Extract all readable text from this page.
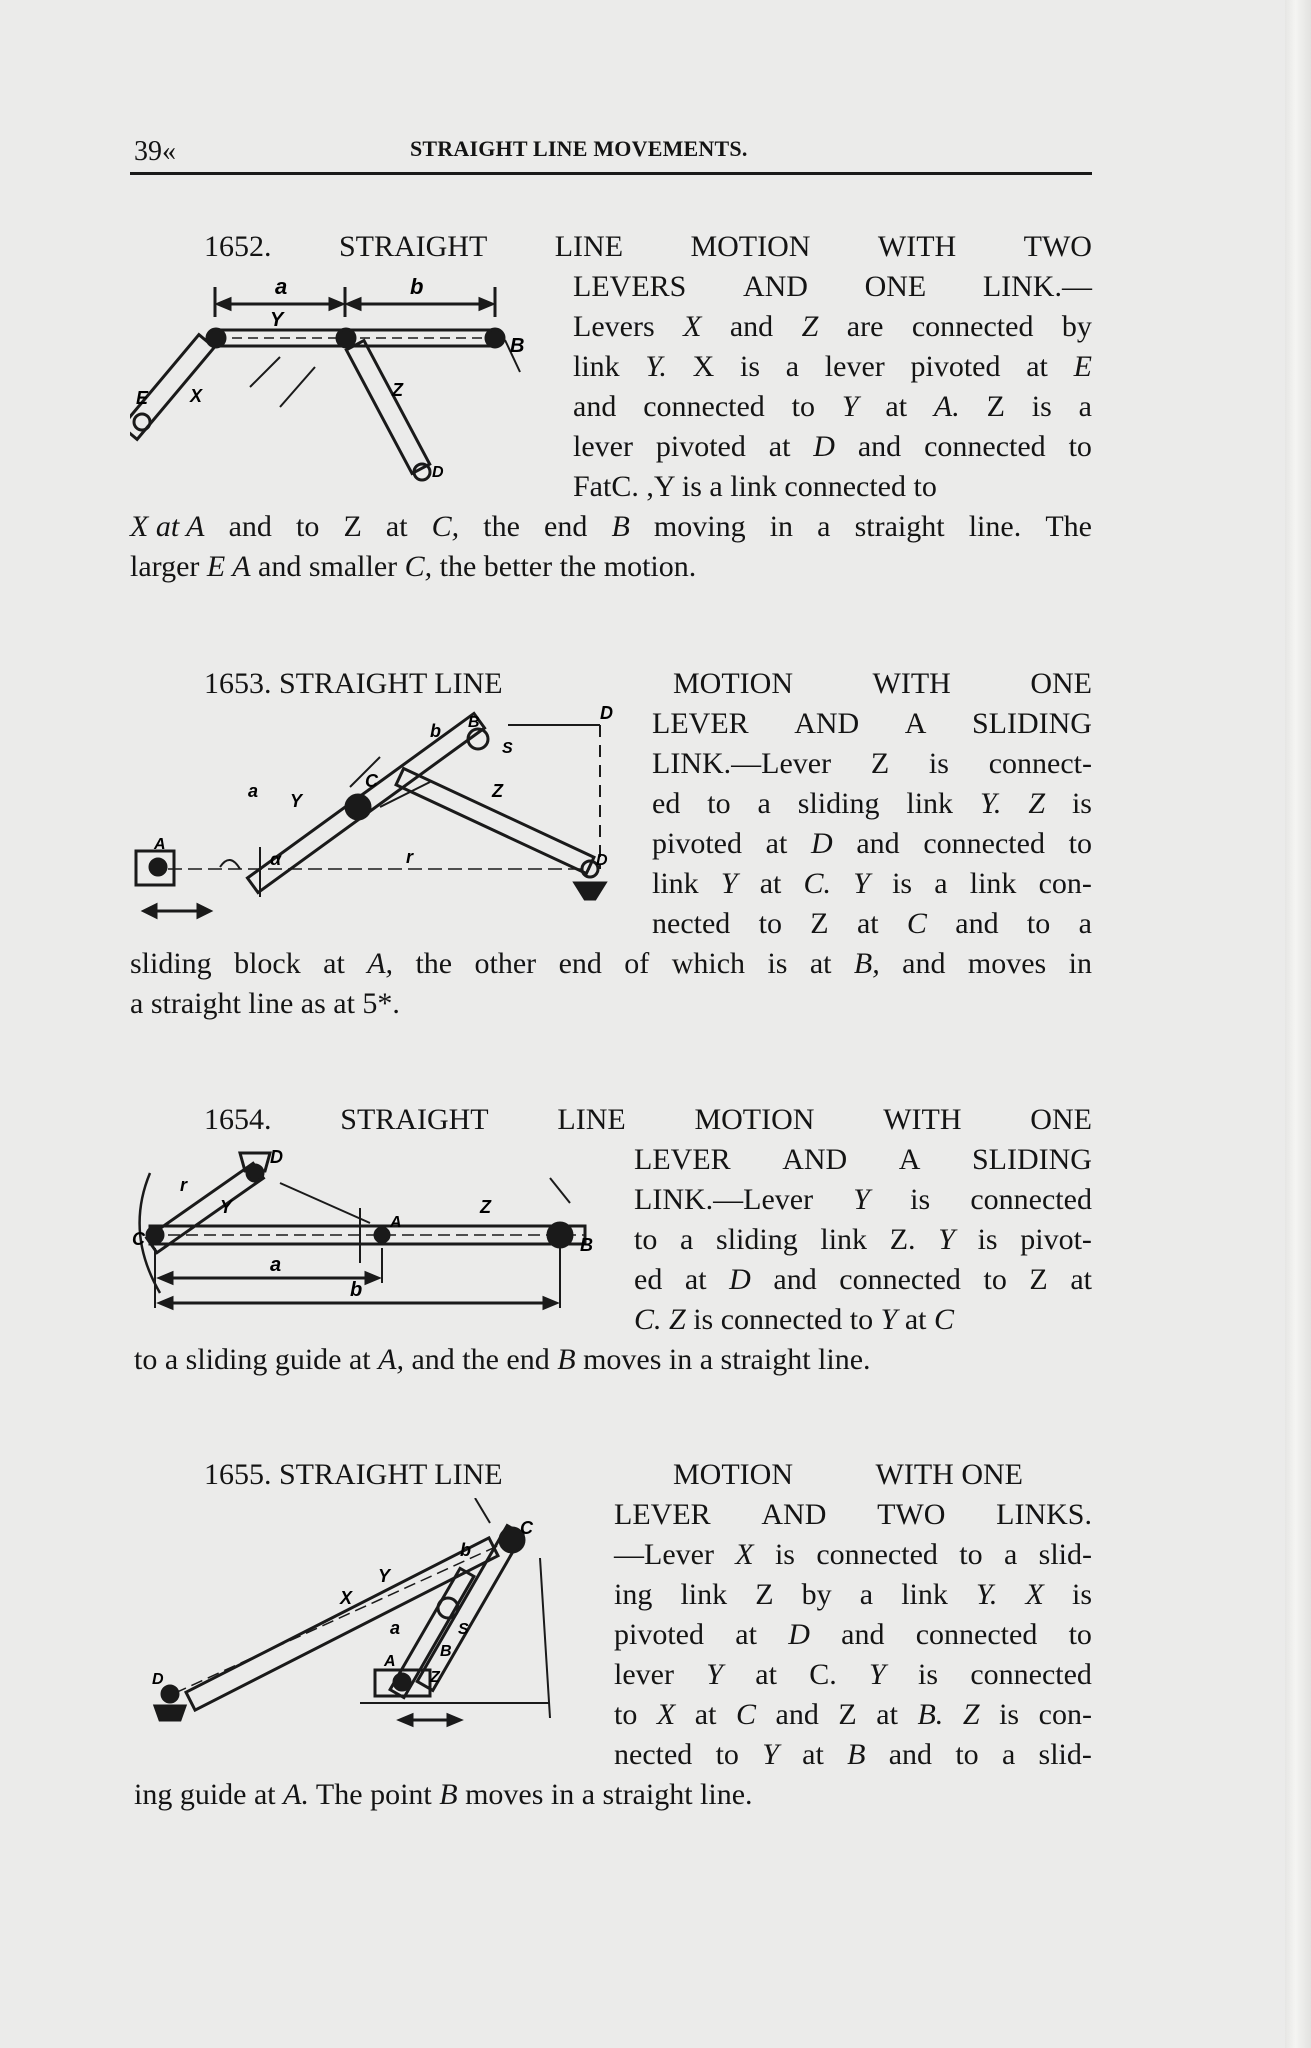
39«	STRAIGHT LINE MOVEMENTS.
1652. STRAIGHT LINE MOTION WITH TWO
a	b
Y
B
E X	Z
D
LEVERS AND ONE LINK.—
Levers X and Z are connected by
link Y. X is a lever pivoted at E
and connected to Y at A. Z is a
lever pivoted at D and connected to
FatC. ,Y is a link connected to
X at A and to Z at C, the end B moving in a straight line. The
larger E A and smaller C, the better the motion.
1653. STRAIGHT LINE	MOTION	WITH	ONE
D
b B
S
C
a Y	Z
A
α	r	D
LEVER AND A SLIDING
LINK.—Lever Z is connect-
ed to a sliding link Y. Z is
pivoted at D and connected to
link Y at C. Y is a link con-
nected to Z at C and to a
sliding block at A, the other end of which is at B, and moves in
a straight line as at 5*.
1654. STRAIGHT LINE MOTION WITH ONE
D
r
Y
C
A
Z
B
a
b
LEVER AND A SLIDING
LINK.—Lever Y is connected
to a sliding link Z. Y is pivot-
ed at D and connected to Z at
C. Z is connected to Y at C
to a sliding guide at A, and the end B moves in a straight line.
1655. STRAIGHT LINE	MOTION	WITH ONE
C
b
Y
X
a	S
B
Z
A
D
LEVER AND TWO LINKS.
—Lever X is connected to a slid-
ing link Z by a link Y. X is
pivoted at D and connected to
lever Y at C. Y is connected
to X at C and Z at B. Z is con-
nected to Y at B and to a slid-
ing guide at A. The point B moves in a straight line.
